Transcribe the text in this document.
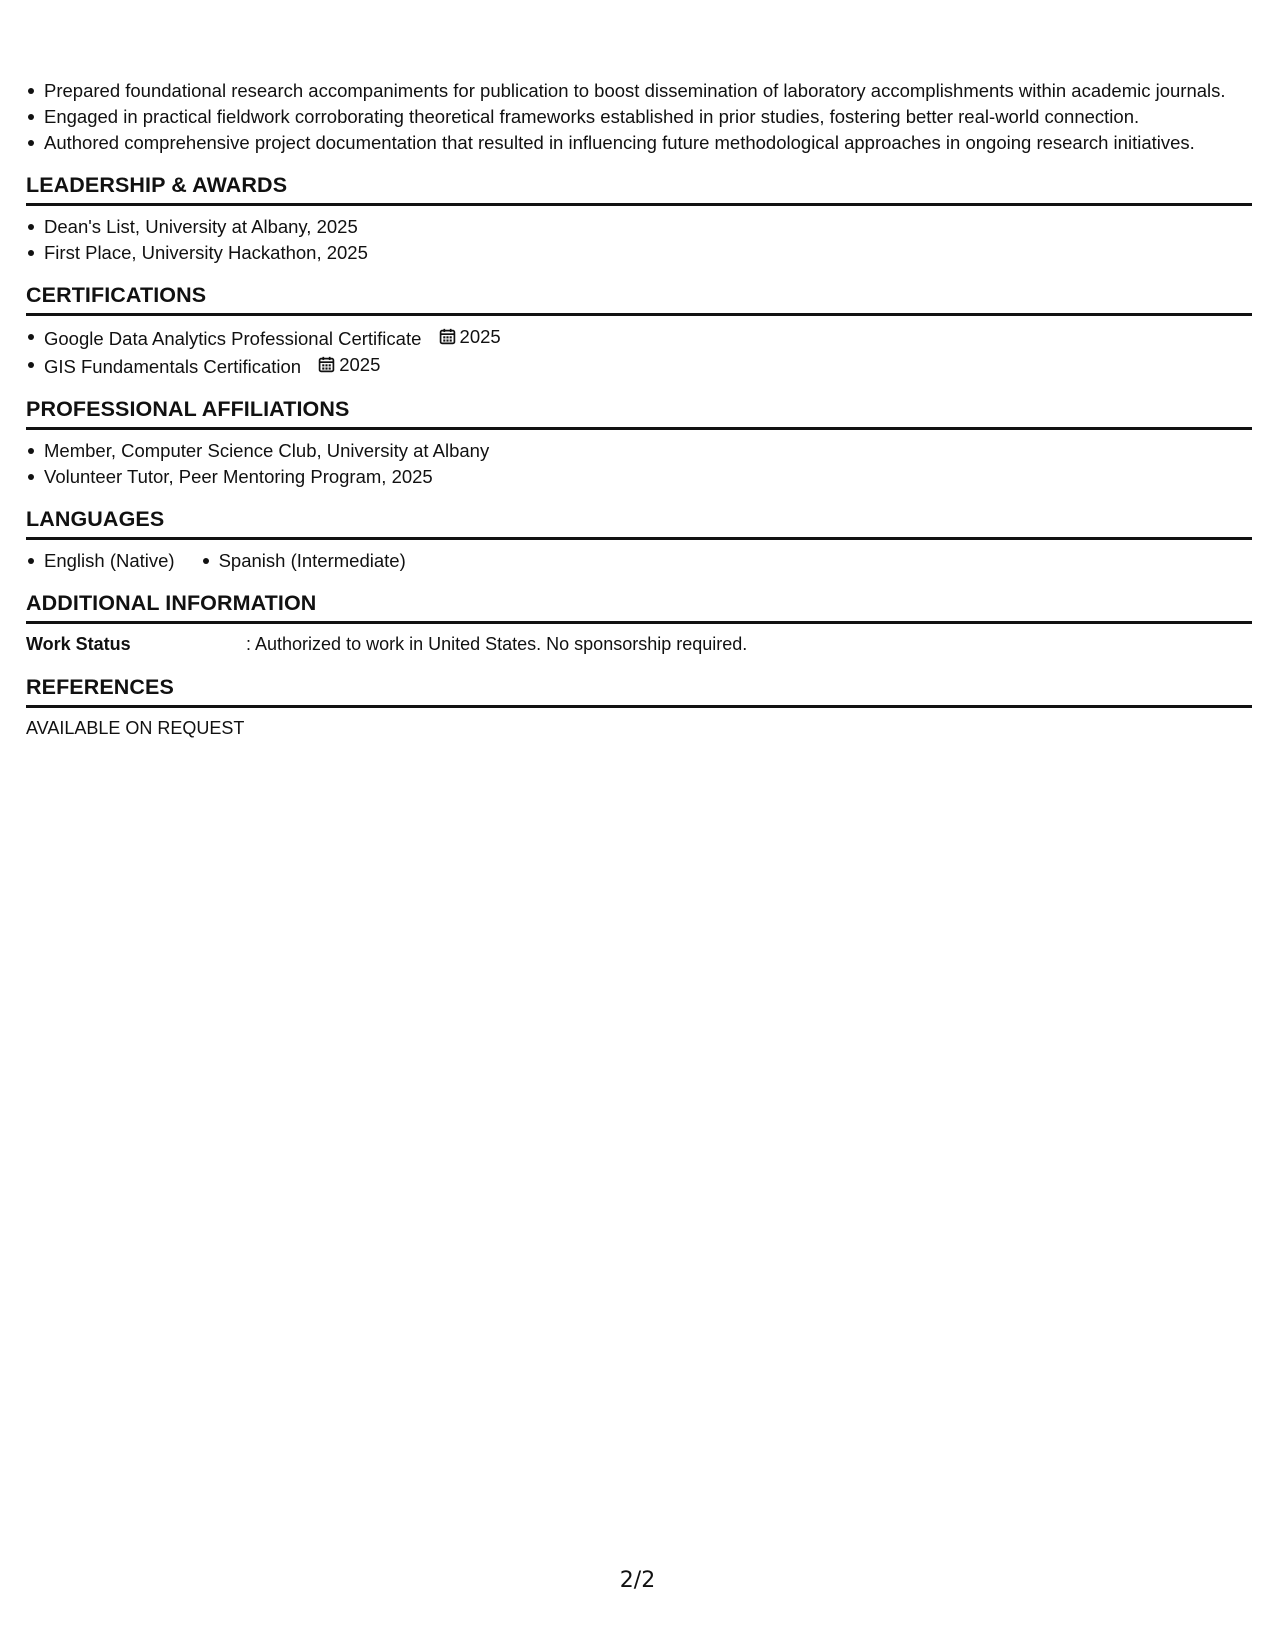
Prepared foundational research accompaniments for publication to boost dissemination of laboratory accomplishments within academic journals.
Engaged in practical fieldwork corroborating theoretical frameworks established in prior studies, fostering better real-world connection.
Authored comprehensive project documentation that resulted in influencing future methodological approaches in ongoing research initiatives.
LEADERSHIP & AWARDS
Dean's List, University at Albany, 2025
First Place, University Hackathon, 2025
CERTIFICATIONS
Google Data Analytics Professional Certificate 2025
GIS Fundamentals Certification 2025
PROFESSIONAL AFFILIATIONS
Member, Computer Science Club, University at Albany
Volunteer Tutor, Peer Mentoring Program, 2025
LANGUAGES
English (Native) Spanish (Intermediate)
ADDITIONAL INFORMATION
Work Status	: Authorized to work in United States. No sponsorship required.
REFERENCES
AVAILABLE ON REQUEST
2/2
